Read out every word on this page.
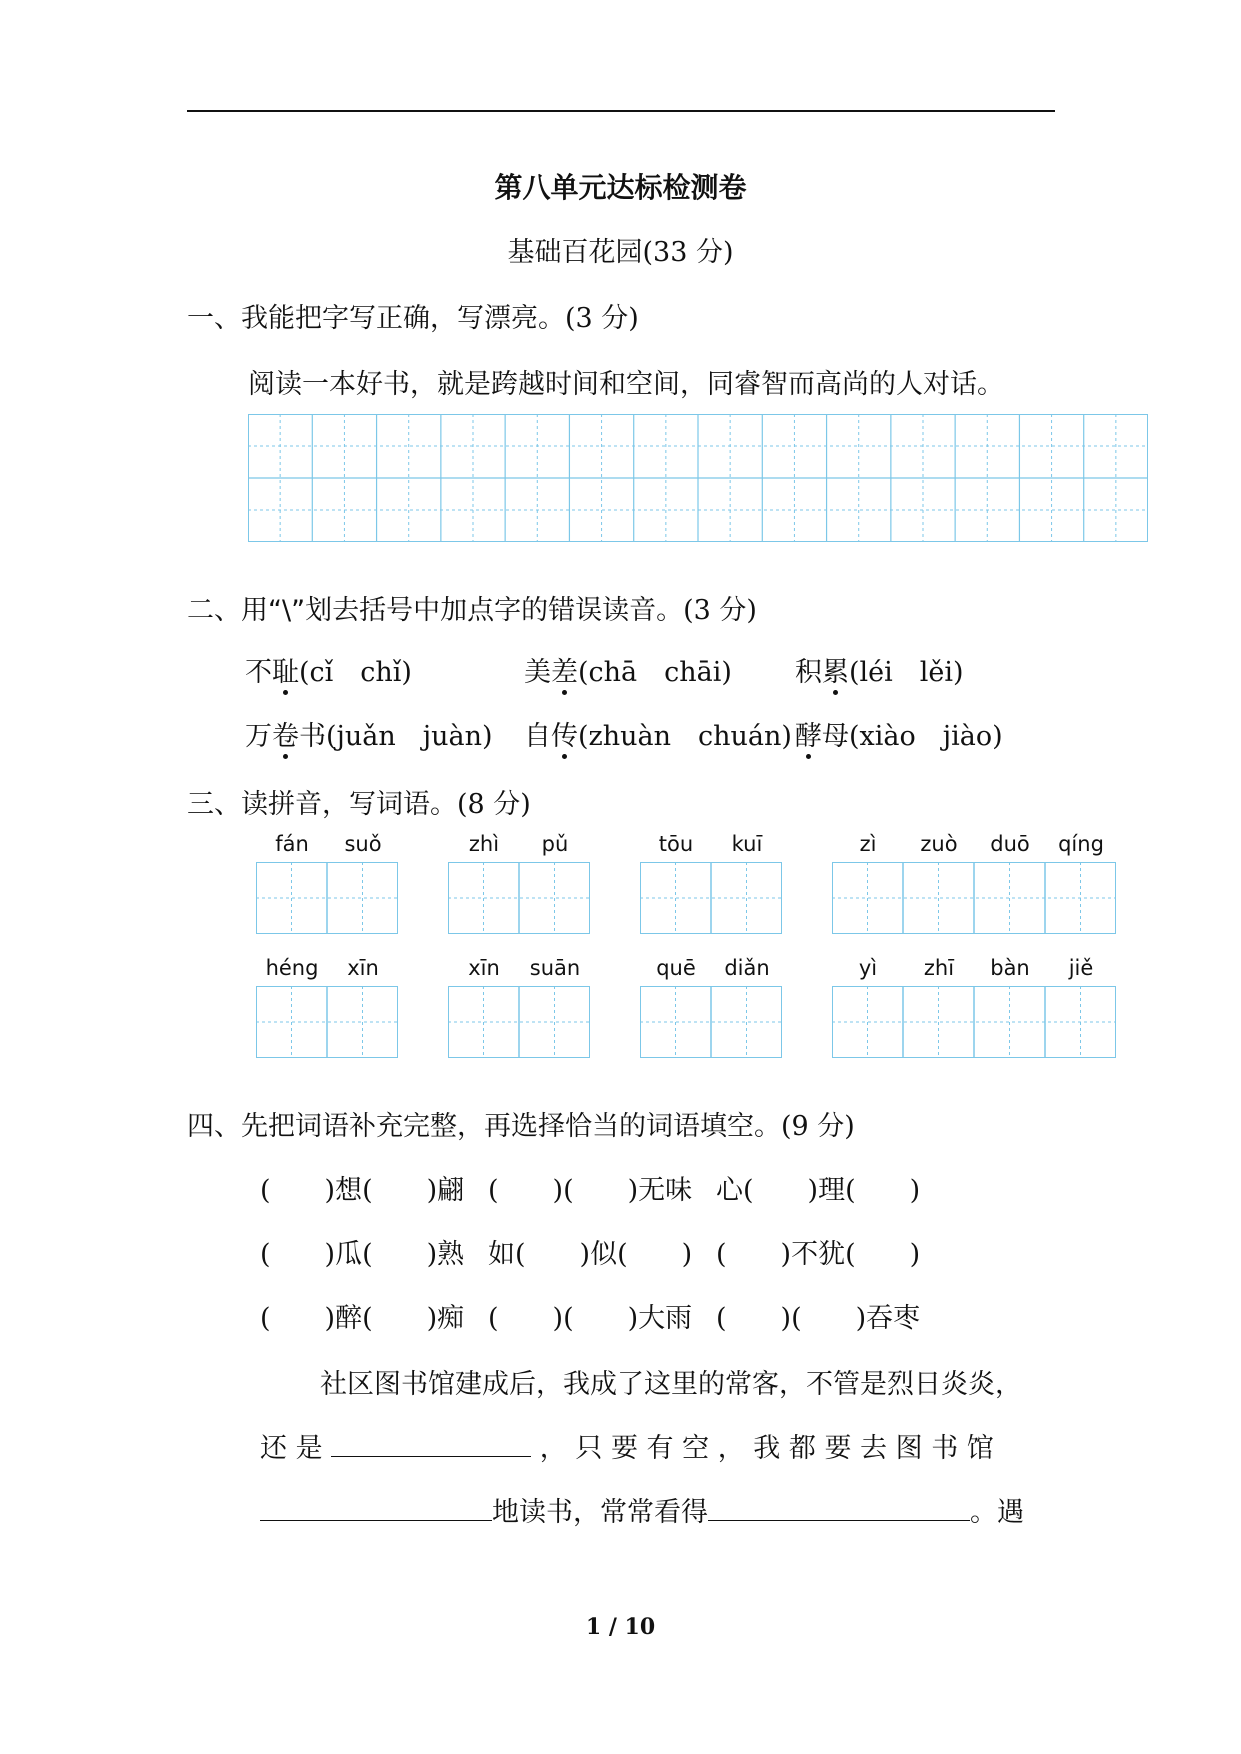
第八单元达标检测卷
基础百花园(33 分)
一、我能把字写正确，写漂亮。(3 分)
阅读一本好书，就是跨越时间和空间，同睿智而高尚的人对话。
二、用“\”划去括号中加点字的错误读音。(3 分)
不耻(cǐ　chǐ)	美差(chā　chāi) 积累(léi　lěi)
万卷书(juǎn　juàn) 自传(zhuàn　chuán) 酵母(xiào　jiào)
三、读拼音，写词语。(8 分)
fán	suǒ	zhì	pǔ	tōu	kuī	zì	zuò	duō	qíng
héng	xīn	xīn	suān	quē	diǎn	yì	zhī	bàn	jiě
四、先把词语补充完整，再选择恰当的词语填空。(9 分)
(　　)想(　　)翩 (　　)(　　)无味 心(　　)理(　　)
(　　)瓜(　　)熟 如(　　)似(　　) (　　)不犹(　　)
(　　)醉(　　)痴 (　　)(　　)大雨 (　　)(　　)吞枣
社区图书馆建成后，我成了这里的常客，不管是烈日炎炎，
还 是	， 只 要 有 空 ， 我 都 要 去 图 书 馆
地读书，常常看得	。遇
1 / 10
